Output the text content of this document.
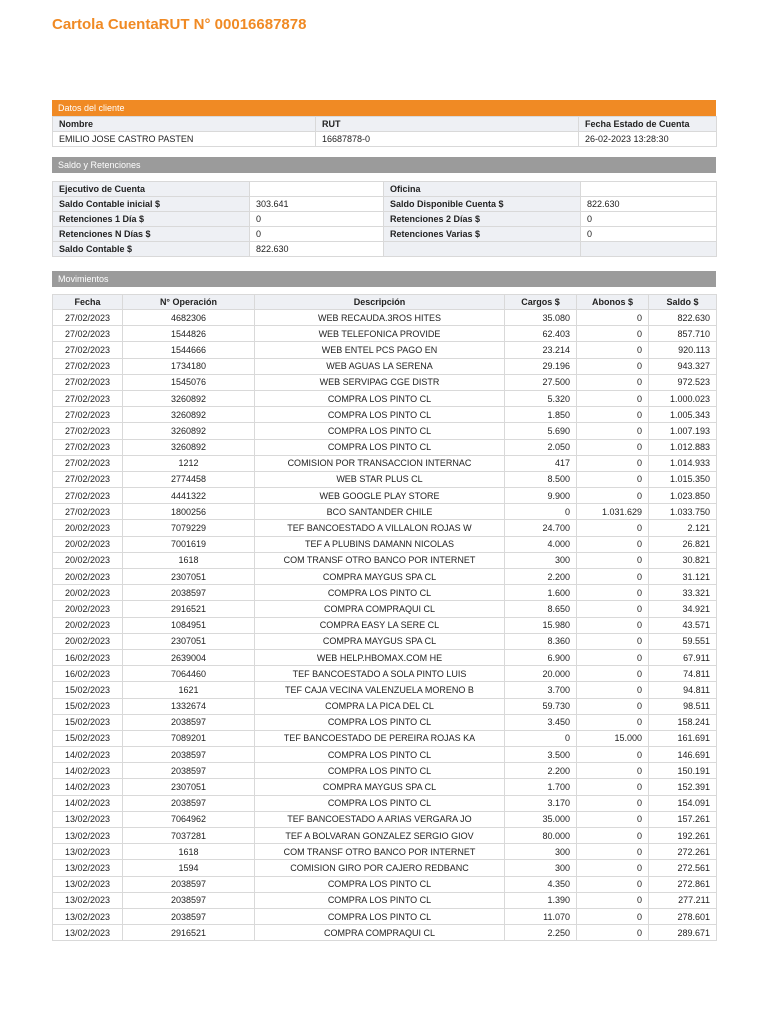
Cartola CuentaRUT N° 00016687878
Datos del cliente
Nombre	RUT	Fecha Estado de Cuenta
EMILIO JOSE CASTRO PASTEN	16687878-0	26-02-2023 13:28:30
Saldo y Retenciones
Ejecutivo de Cuenta		Oficina	
Saldo Contable inicial $	303.641	Saldo Disponible Cuenta $	822.630
Retenciones 1 Día $	0	Retenciones 2 Días $	0
Retenciones N Días $	0	Retenciones Varias $	0
Saldo Contable $	822.630		
Movimientos
Fecha	N° Operación	Descripción	Cargos $	Abonos $	Saldo $
27/02/2023	4682306	WEB RECAUDA.3ROS HITES	35.080	0	822.630
27/02/2023	1544826	WEB TELEFONICA PROVIDE	62.403	0	857.710
27/02/2023	1544666	WEB ENTEL PCS PAGO EN	23.214	0	920.113
27/02/2023	1734180	WEB AGUAS LA SERENA	29.196	0	943.327
27/02/2023	1545076	WEB SERVIPAG CGE DISTR	27.500	0	972.523
27/02/2023	3260892	COMPRA LOS PINTO CL	5.320	0	1.000.023
27/02/2023	3260892	COMPRA LOS PINTO CL	1.850	0	1.005.343
27/02/2023	3260892	COMPRA LOS PINTO CL	5.690	0	1.007.193
27/02/2023	3260892	COMPRA LOS PINTO CL	2.050	0	1.012.883
27/02/2023	1212	COMISION POR TRANSACCION INTERNAC	417	0	1.014.933
27/02/2023	2774458	WEB STAR PLUS CL	8.500	0	1.015.350
27/02/2023	4441322	WEB GOOGLE PLAY STORE	9.900	0	1.023.850
27/02/2023	1800256	BCO SANTANDER CHILE	0	1.031.629	1.033.750
20/02/2023	7079229	TEF BANCOESTADO A VILLALON ROJAS W	24.700	0	2.121
20/02/2023	7001619	TEF A PLUBINS DAMANN NICOLAS	4.000	0	26.821
20/02/2023	1618	COM TRANSF OTRO BANCO POR INTERNET	300	0	30.821
20/02/2023	2307051	COMPRA MAYGUS SPA CL	2.200	0	31.121
20/02/2023	2038597	COMPRA LOS PINTO CL	1.600	0	33.321
20/02/2023	2916521	COMPRA COMPRAQUI CL	8.650	0	34.921
20/02/2023	1084951	COMPRA EASY LA SERE CL	15.980	0	43.571
20/02/2023	2307051	COMPRA MAYGUS SPA CL	8.360	0	59.551
16/02/2023	2639004	WEB HELP.HBOMAX.COM HE	6.900	0	67.911
16/02/2023	7064460	TEF BANCOESTADO A SOLA PINTO LUIS	20.000	0	74.811
15/02/2023	1621	TEF CAJA VECINA VALENZUELA MORENO B	3.700	0	94.811
15/02/2023	1332674	COMPRA LA PICA DEL CL	59.730	0	98.511
15/02/2023	2038597	COMPRA LOS PINTO CL	3.450	0	158.241
15/02/2023	7089201	TEF BANCOESTADO DE PEREIRA ROJAS KA	0	15.000	161.691
14/02/2023	2038597	COMPRA LOS PINTO CL	3.500	0	146.691
14/02/2023	2038597	COMPRA LOS PINTO CL	2.200	0	150.191
14/02/2023	2307051	COMPRA MAYGUS SPA CL	1.700	0	152.391
14/02/2023	2038597	COMPRA LOS PINTO CL	3.170	0	154.091
13/02/2023	7064962	TEF BANCOESTADO A ARIAS VERGARA JO	35.000	0	157.261
13/02/2023	7037281	TEF A BOLVARAN GONZALEZ SERGIO GIOV	80.000	0	192.261
13/02/2023	1618	COM TRANSF OTRO BANCO POR INTERNET	300	0	272.261
13/02/2023	1594	COMISION GIRO POR CAJERO REDBANC	300	0	272.561
13/02/2023	2038597	COMPRA LOS PINTO CL	4.350	0	272.861
13/02/2023	2038597	COMPRA LOS PINTO CL	1.390	0	277.211
13/02/2023	2038597	COMPRA LOS PINTO CL	11.070	0	278.601
13/02/2023	2916521	COMPRA COMPRAQUI CL	2.250	0	289.671
